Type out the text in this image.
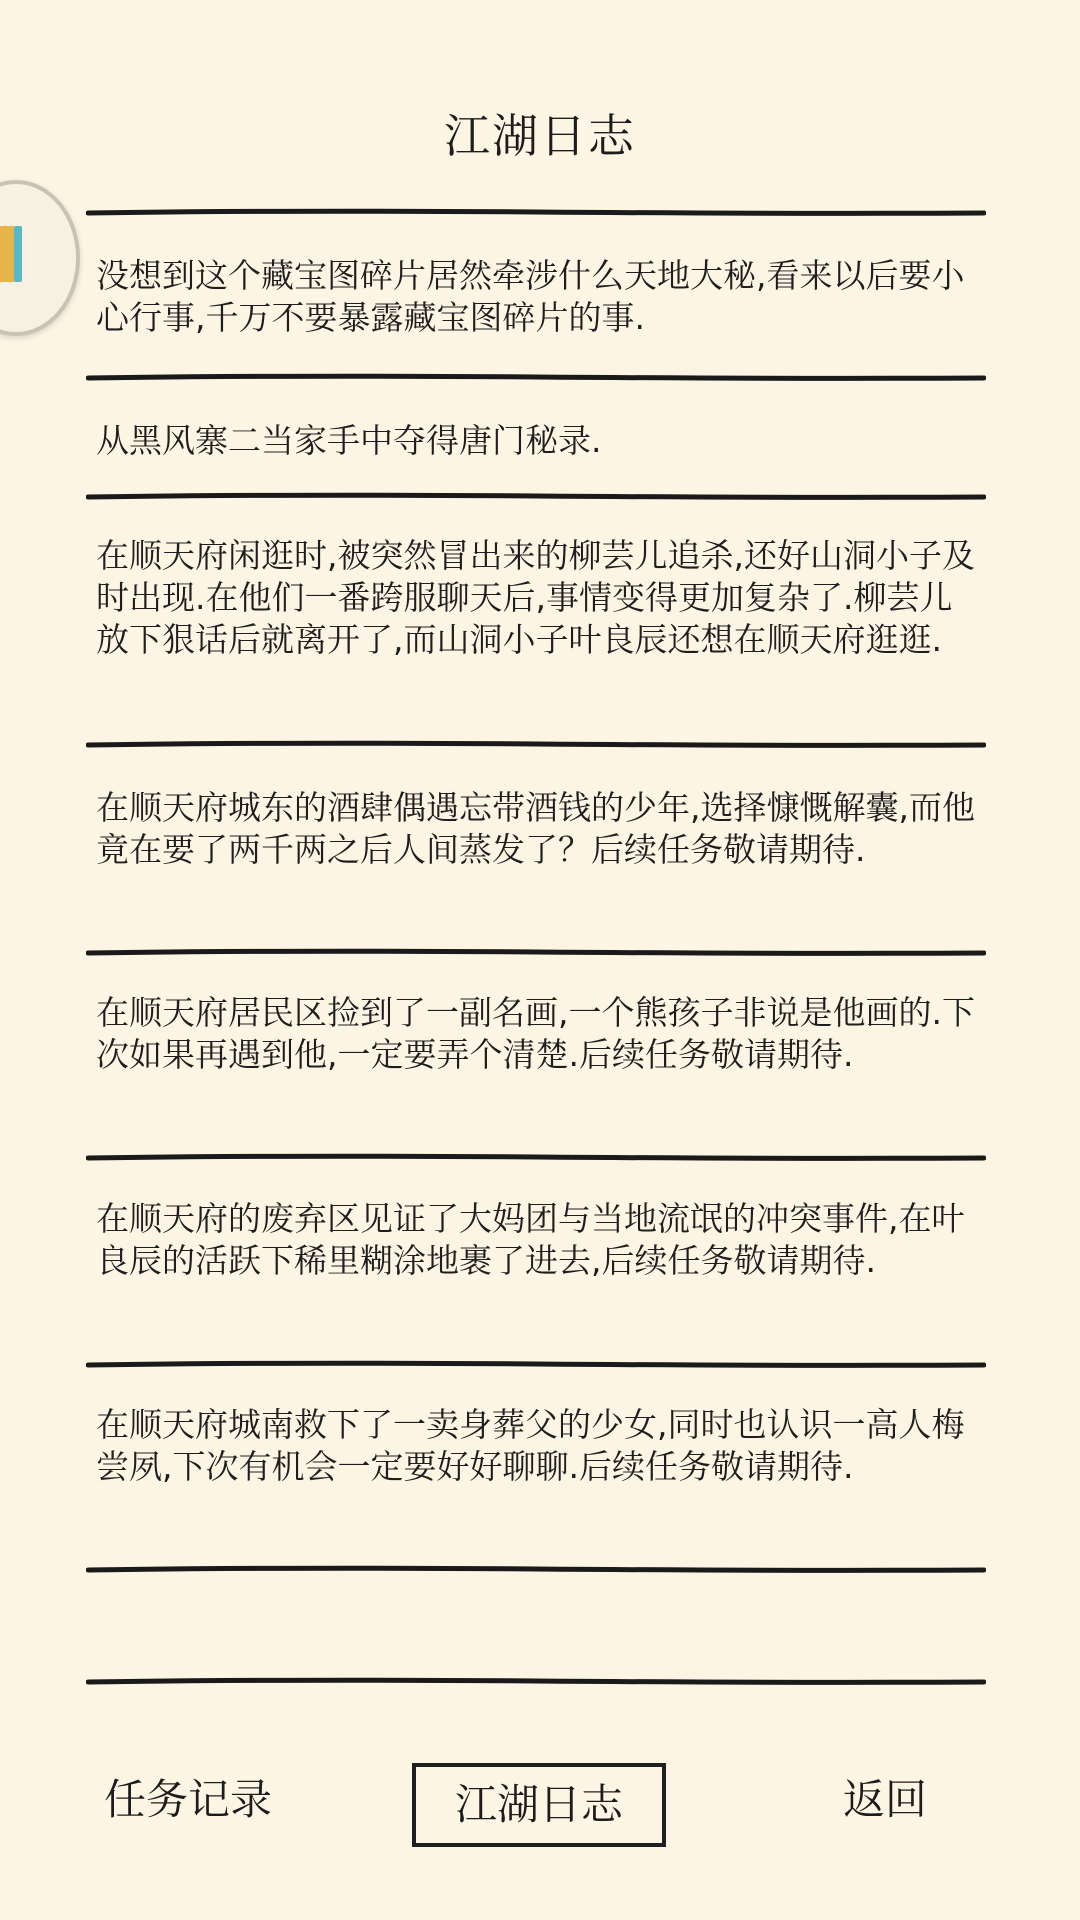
江湖日志
没想到这个藏宝图碎片居然牵涉什么天地大秘,看来以后要小心行事,千万不要暴露藏宝图碎片的事.
从黑风寨二当家手中夺得唐门秘录.
在顺天府闲逛时,被突然冒出来的柳芸儿追杀,还好山洞小子及时出现.在他们一番跨服聊天后,事情变得更加复杂了.柳芸儿放下狠话后就离开了,而山洞小子叶良辰还想在顺天府逛逛.
在顺天府城东的酒肆偶遇忘带酒钱的少年,选择慷慨解囊,而他竟在要了两千两之后人间蒸发了？后续任务敬请期待.
在顺天府居民区捡到了一副名画,一个熊孩子非说是他画的.下次如果再遇到他,一定要弄个清楚.后续任务敬请期待.
在顺天府的废弃区见证了大妈团与当地流氓的冲突事件,在叶良辰的活跃下稀里糊涂地裹了进去,后续任务敬请期待.
在顺天府城南救下了一卖身葬父的少女,同时也认识一高人梅尝夙,下次有机会一定要好好聊聊.后续任务敬请期待.
任务记录	江湖日志	返回
